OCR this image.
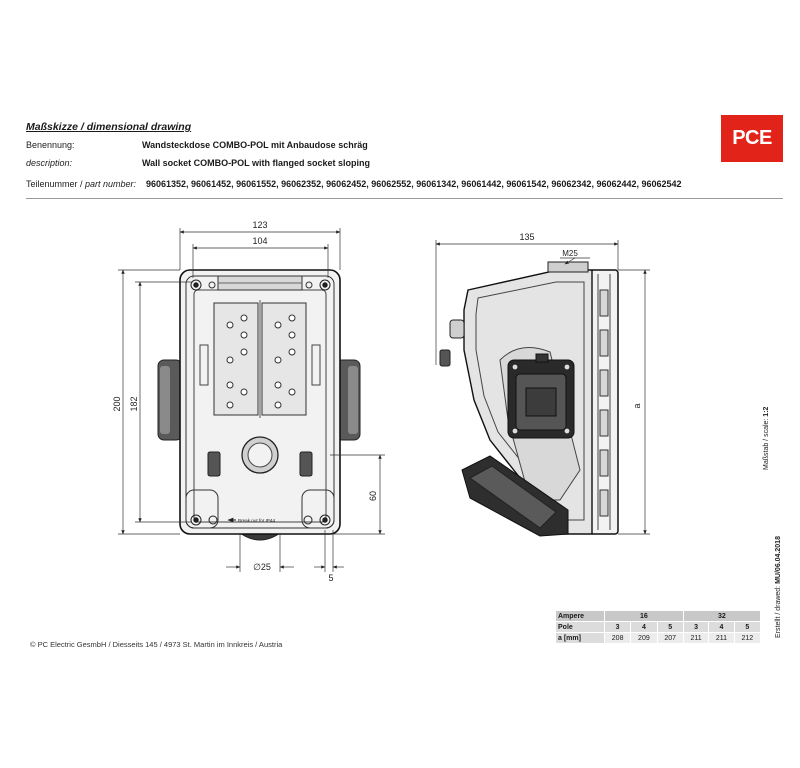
Maßskizze / dimensional drawing
Benennung:	Wandsteckdose COMBO-POL mit Anbaudose schräg
description:	Wall socket COMBO-POL with flanged socket sloping
Teilenummer / part number: 96061352, 96061452, 96061552, 96062352, 96062452, 96062552, 96061342, 96061442, 96061542, 96062342, 96062442, 96062542
PCE
Break out for IP44
123
104
200 182
60
∅25
5
135
M25
a
Maßstab / scale: 1:2
Erstellt / drawed: MU/06.04.2018
Ampere	16			32		
Pole	3	4	5	3	4	5
a [mm]	208	209	207	211	211	212
© PC Electric GesmbH / Diesseits 145 / 4973 St. Martin im Innkreis / Austria
